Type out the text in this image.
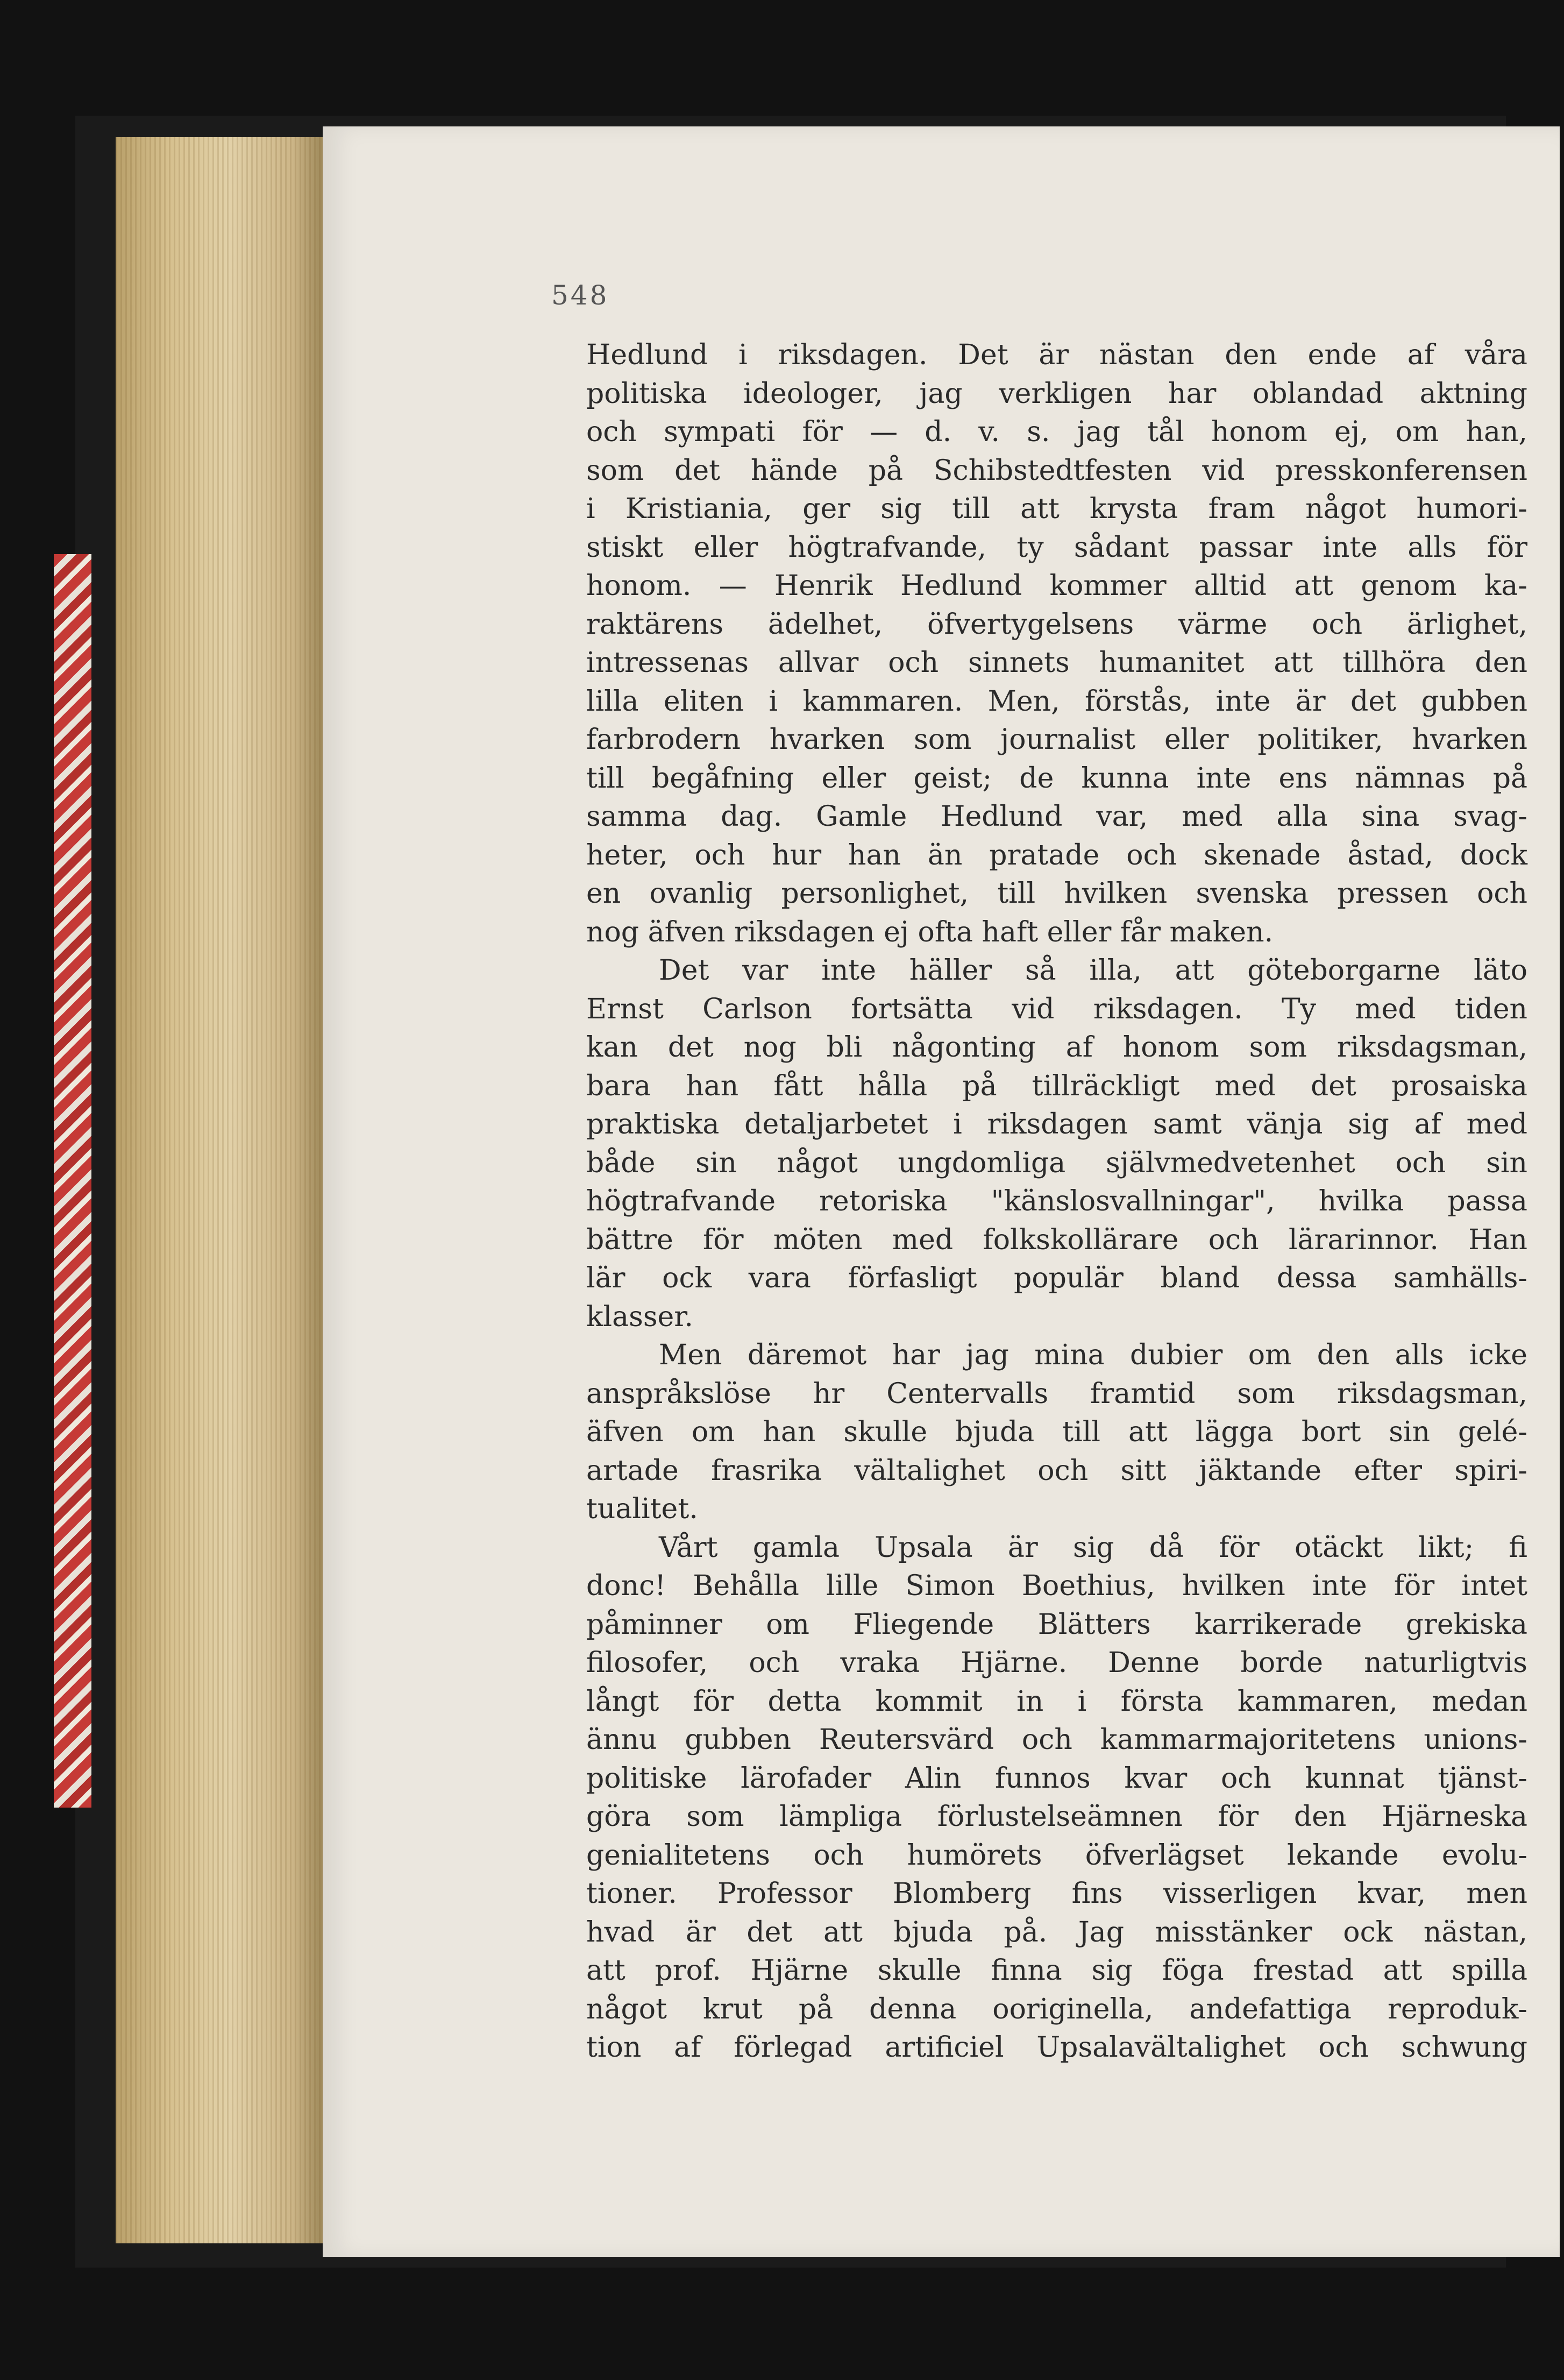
548
Hedlund i riksdagen. Det är nästan den ende af våra
politiska ideologer, jag verkligen har oblandad aktning
och sympati för — d. v. s. jag tål honom ej, om han,
som det hände på Schibstedtfesten vid presskonferensen
i Kristiania, ger sig till att krysta fram något humori-
stiskt eller högtrafvande, ty sådant passar inte alls för
honom. — Henrik Hedlund kommer alltid att genom ka-
raktärens ädelhet, öfvertygelsens värme och ärlighet,
intressenas allvar och sinnets humanitet att tillhöra den
lilla eliten i kammaren. Men, förstås, inte är det gubben
farbrodern hvarken som journalist eller politiker, hvarken
till begåfning eller geist; de kunna inte ens nämnas på
samma dag. Gamle Hedlund var, med alla sina svag-
heter, och hur han än pratade och skenade åstad, dock
en ovanlig personlighet, till hvilken svenska pressen och
nog äfven riksdagen ej ofta haft eller får maken.
Det var inte häller så illa, att göteborgarne läto
Ernst Carlson fortsätta vid riksdagen. Ty med tiden
kan det nog bli någonting af honom som riksdagsman,
bara han fått hålla på tillräckligt med det prosaiska
praktiska detaljarbetet i riksdagen samt vänja sig af med
både sin något ungdomliga självmedvetenhet och sin
högtrafvande retoriska "känslosvallningar", hvilka passa
bättre för möten med folkskollärare och lärarinnor. Han
lär ock vara förfasligt populär bland dessa samhälls-
klasser.
Men däremot har jag mina dubier om den alls icke
anspråkslöse hr Centervalls framtid som riksdagsman,
äfven om han skulle bjuda till att lägga bort sin gelé-
artade frasrika vältalighet och sitt jäktande efter spiri-
tualitet.
Vårt gamla Upsala är sig då för otäckt likt; fi
donc! Behålla lille Simon Boethius, hvilken inte för intet
påminner om Fliegende Blätters karrikerade grekiska
filosofer, och vraka Hjärne. Denne borde naturligtvis
långt för detta kommit in i första kammaren, medan
ännu gubben Reutersvärd och kammarmajoritetens unions-
politiske lärofader Alin funnos kvar och kunnat tjänst-
göra som lämpliga förlustelseämnen för den Hjärneska
genialitetens och humörets öfverlägset lekande evolu-
tioner. Professor Blomberg fins visserligen kvar, men
hvad är det att bjuda på. Jag misstänker ock nästan,
att prof. Hjärne skulle finna sig föga frestad att spilla
något krut på denna ooriginella, andefattiga reproduk-
tion af förlegad artificiel Upsalavältalighet och schwung
